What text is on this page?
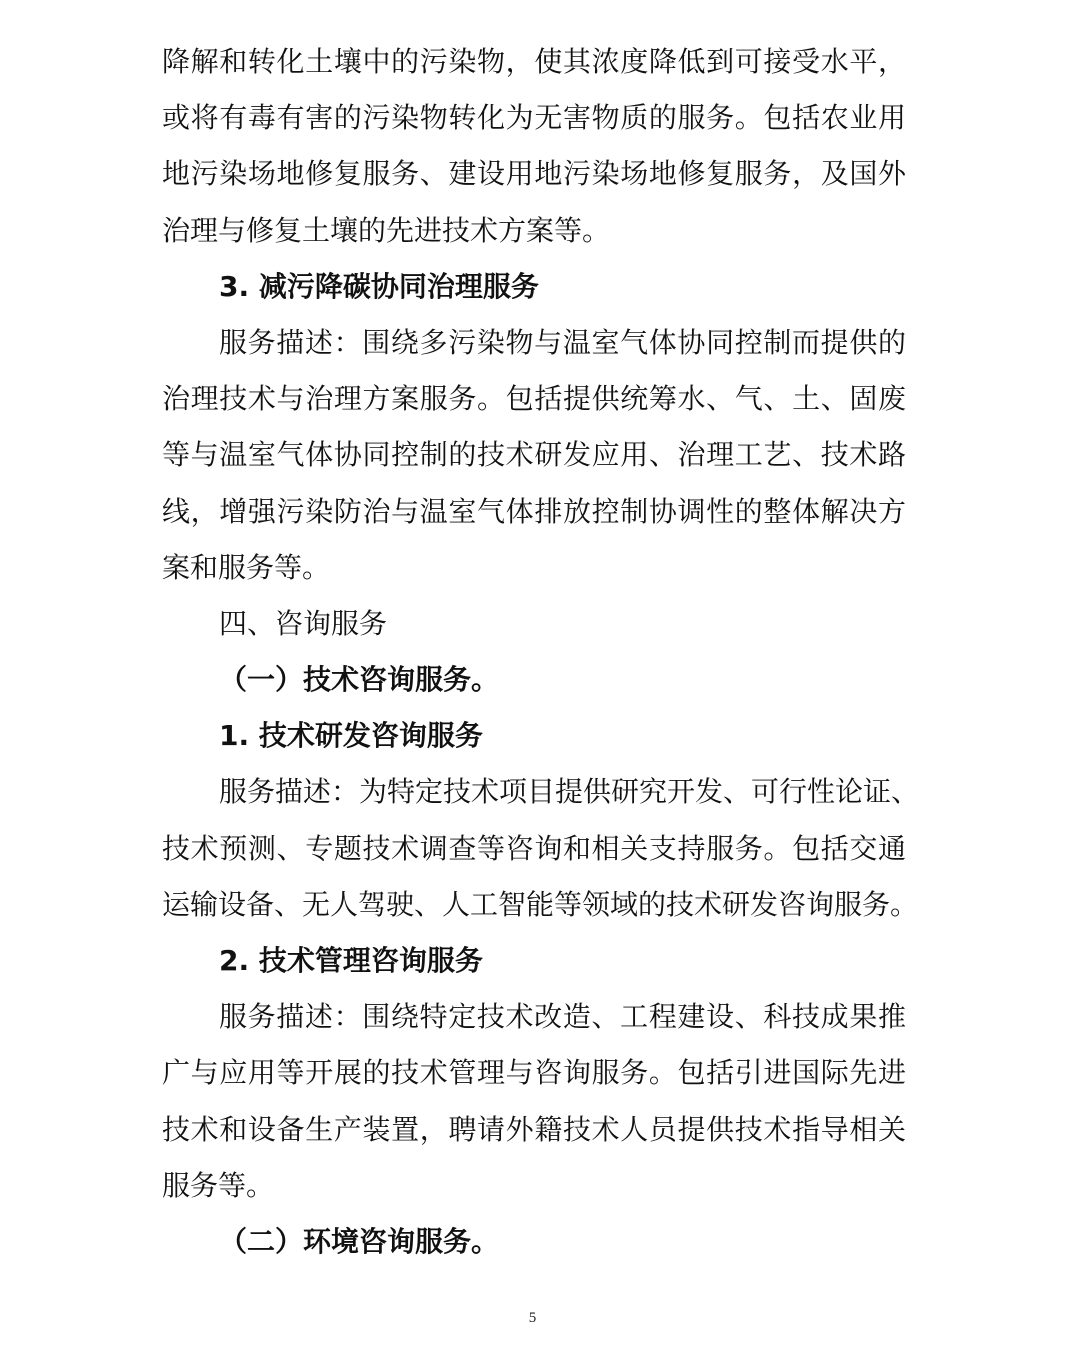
降解和转化土壤中的污染物，使其浓度降低到可接受水平，
或将有毒有害的污染物转化为无害物质的服务。包括农业用
地污染场地修复服务、建设用地污染场地修复服务，及国外
治理与修复土壤的先进技术方案等。
3. 减污降碳协同治理服务
服务描述：围绕多污染物与温室气体协同控制而提供的
治理技术与治理方案服务。包括提供统筹水、气、土、固废
等与温室气体协同控制的技术研发应用、治理工艺、技术路
线，增强污染防治与温室气体排放控制协调性的整体解决方
案和服务等。
四、咨询服务
（一）技术咨询服务。
1. 技术研发咨询服务
服务描述：为特定技术项目提供研究开发、可行性论证、
技术预测、专题技术调查等咨询和相关支持服务。包括交通
运输设备、无人驾驶、人工智能等领域的技术研发咨询服务。
2. 技术管理咨询服务
服务描述：围绕特定技术改造、工程建设、科技成果推
广与应用等开展的技术管理与咨询服务。包括引进国际先进
技术和设备生产装置，聘请外籍技术人员提供技术指导相关
服务等。
（二）环境咨询服务。
5
